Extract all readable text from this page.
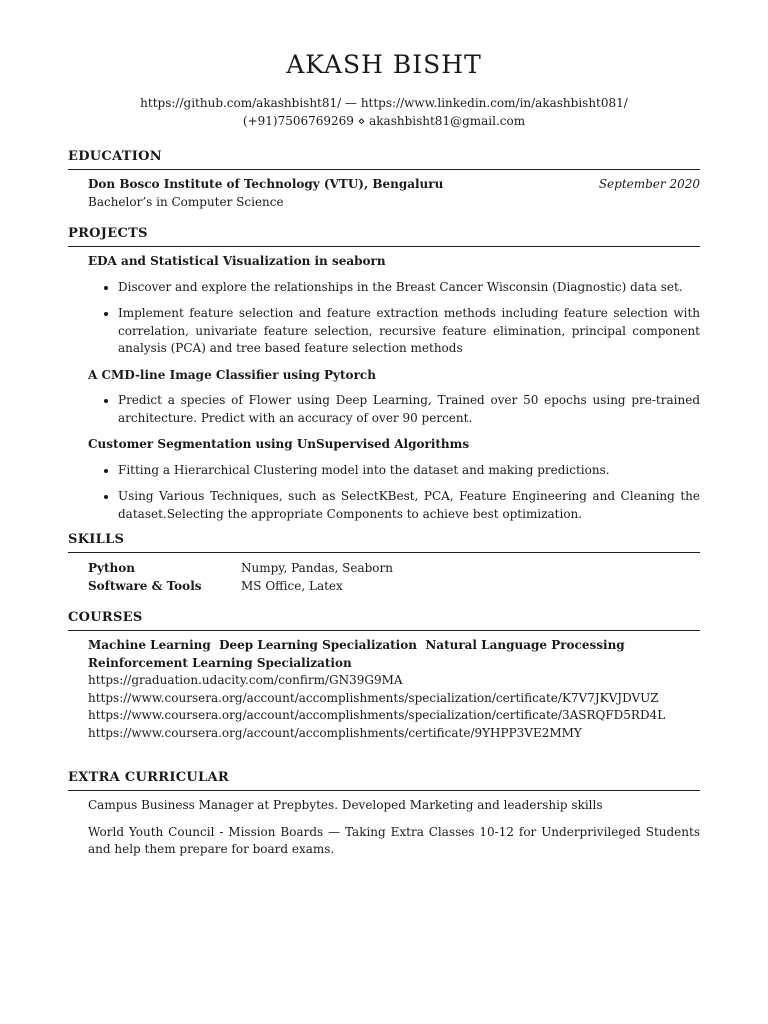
AKASH BISHT
https://github.com/akashbisht81/ — https://www.linkedin.com/in/akashbisht081/
(+91)7506769269 ⋄ akashbisht81@gmail.com
EDUCATION
Don Bosco Institute of Technology (VTU), Bengaluru	September 2020
Bachelor’s in Computer Science
PROJECTS
EDA and Statistical Visualization in seaborn
• Discover and explore the relationships in the Breast Cancer Wisconsin (Diagnostic) data set.
• Implement feature selection and feature extraction methods including feature selection with correlation, univariate feature selection, recursive feature elimination, principal component analysis (PCA) and tree based feature selection methods
A CMD-line Image Classifier using Pytorch
• Predict a species of Flower using Deep Learning, Trained over 50 epochs using pre-trained architecture. Predict with an accuracy of over 90 percent.
Customer Segmentation using UnSupervised Algorithms
• Fitting a Hierarchical Clustering model into the dataset and making predictions.
• Using Various Techniques, such as SelectKBest, PCA, Feature Engineering and Cleaning the dataset.Selecting the appropriate Components to achieve best optimization.
SKILLS
Python	Numpy, Pandas, Seaborn
Software & Tools	MS Office, Latex
COURSES
Machine Learning  Deep Learning Specialization  Natural Language Processing
Reinforcement Learning Specialization
https://graduation.udacity.com/confirm/GN39G9MA
https://www.coursera.org/account/accomplishments/specialization/certificate/K7V7JKVJDVUZ
https://www.coursera.org/account/accomplishments/specialization/certificate/3ASRQFD5RD4L
https://www.coursera.org/account/accomplishments/certificate/9YHPP3VE2MMY
EXTRA CURRICULAR

Campus Business Manager at Prepbytes. Developed Marketing and leadership skills

World Youth Council - Mission Boards — Taking Extra Classes 10-12 for Underprivileged Students and help them prepare for board exams.
